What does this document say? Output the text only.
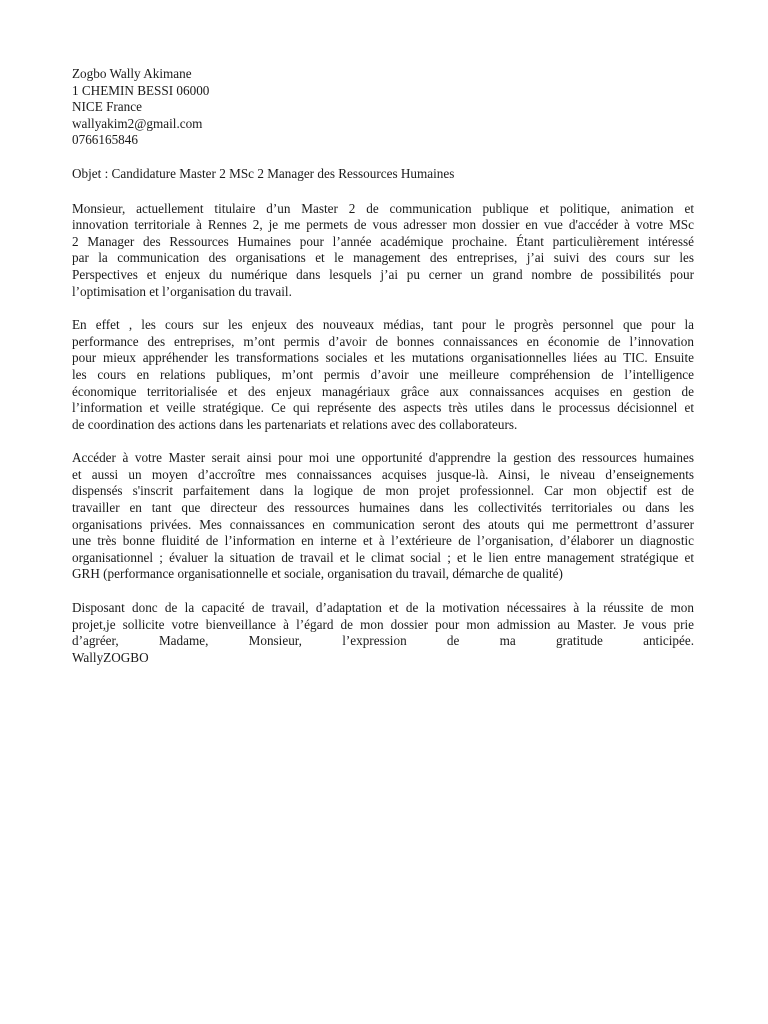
Zogbo Wally Akimane
1 CHEMIN BESSI 06000
NICE France
wallyakim2@gmail.com
0766165846
Objet : Candidature Master 2 MSc 2 Manager des Ressources Humaines
Monsieur, actuellement titulaire d’un Master 2 de communication publique et politique, animation et
innovation territoriale à Rennes 2, je me permets de vous adresser mon dossier en vue d'accéder à votre MSc
2 Manager des Ressources Humaines pour l’année académique prochaine. Étant particulièrement intéressé
par la communication des organisations et le management des entreprises, j’ai suivi des cours sur les
Perspectives et enjeux du numérique dans lesquels j’ai pu cerner un grand nombre de possibilités pour
l’optimisation et l’organisation du travail.
En effet , les cours sur les enjeux des nouveaux médias, tant pour le progrès personnel que pour la
performance des entreprises, m’ont permis d’avoir de bonnes connaissances en économie de l’innovation
pour mieux appréhender les transformations sociales et les mutations organisationnelles liées au TIC. Ensuite
les cours en relations publiques, m’ont permis d’avoir une meilleure compréhension de l’intelligence
économique territorialisée et des enjeux managériaux grâce aux connaissances acquises en gestion de
l’information et veille stratégique. Ce qui représente des aspects très utiles dans le processus décisionnel et
de coordination des actions dans les partenariats et relations avec des collaborateurs.
Accéder à votre Master serait ainsi pour moi une opportunité d'apprendre la gestion des ressources humaines
et aussi un moyen d’accroître mes connaissances acquises jusque-là. Ainsi, le niveau d’enseignements
dispensés s'inscrit parfaitement dans la logique de mon projet professionnel. Car mon objectif est de
travailler en tant que directeur des ressources humaines dans les collectivités territoriales ou dans les
organisations privées. Mes connaissances en communication seront des atouts qui me permettront d’assurer
une très bonne fluidité de l’information en interne et à l’extérieure de l’organisation, d’élaborer un diagnostic
organisationnel ; évaluer la situation de travail et le climat social ; et le lien entre management stratégique et
GRH (performance organisationnelle et sociale, organisation du travail, démarche de qualité)
Disposant donc de la capacité de travail, d’adaptation et de la motivation nécessaires à la réussite de mon
projet,je sollicite votre bienveillance à l’égard de mon dossier pour mon admission au Master. Je vous prie
d’agréer, Madame, Monsieur, l’expression de ma gratitude anticipée.
WallyZOGBO
